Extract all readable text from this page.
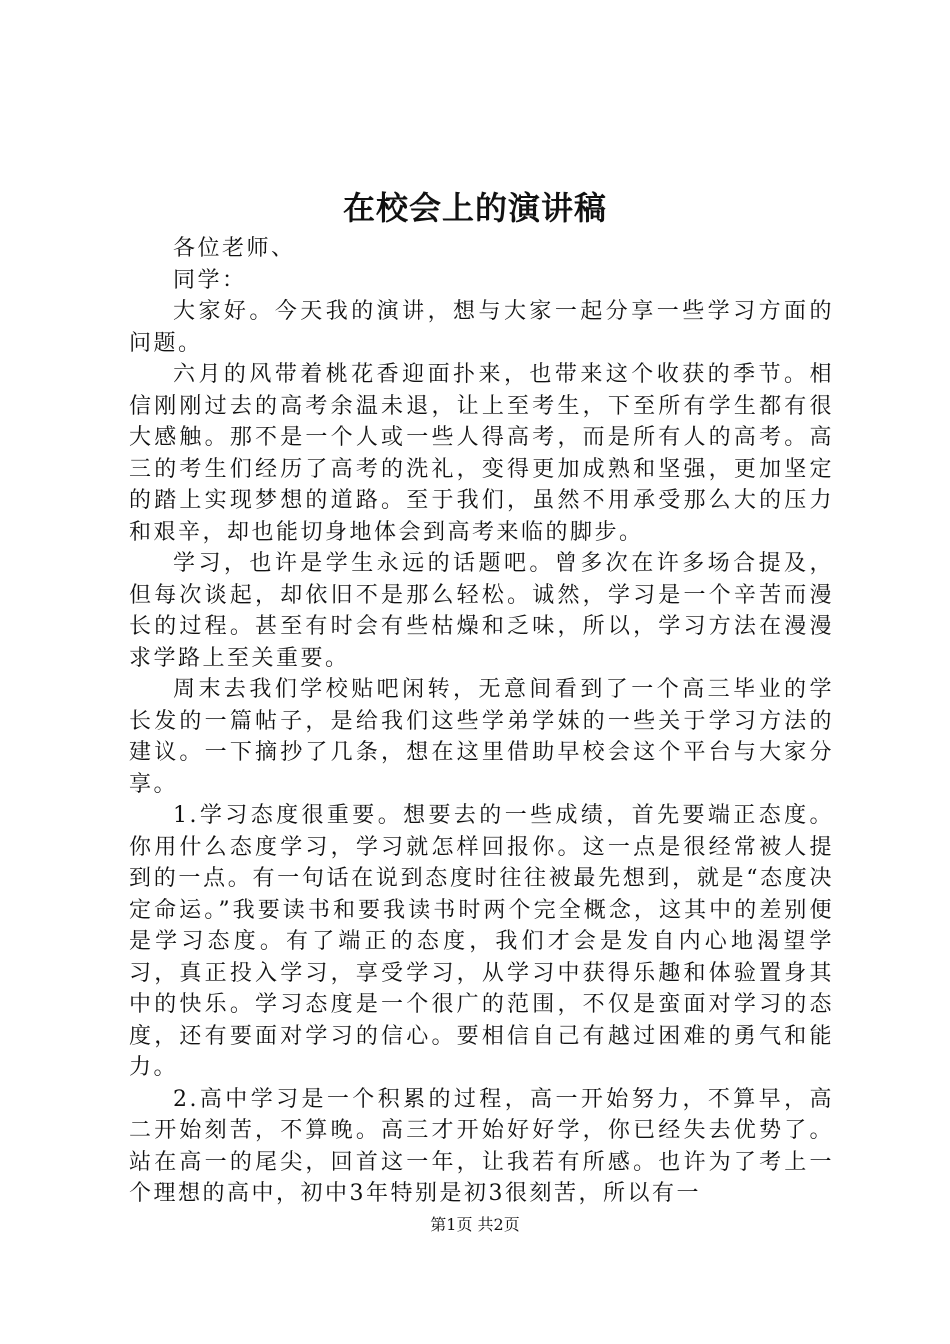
在校会上的演讲稿

各位老师、

同学：

大家好。今天我的演讲，想与大家一起分享一些学习方面的问题。

六月的风带着桃花香迎面扑来，也带来这个收获的季节。相信刚刚过去的高考余温未退，让上至考生，下至所有学生都有很大感触。那不是一个人或一些人得高考，而是所有人的高考。高三的考生们经历了高考的洗礼，变得更加成熟和坚强，更加坚定的踏上实现梦想的道路。至于我们，虽然不用承受那么大的压力和艰辛，却也能切身地体会到高考来临的脚步。

学习，也许是学生永远的话题吧。曾多次在许多场合提及，但每次谈起，却依旧不是那么轻松。诚然，学习是一个辛苦而漫长的过程。甚至有时会有些枯燥和乏味，所以，学习方法在漫漫求学路上至关重要。

周末去我们学校贴吧闲转，无意间看到了一个高三毕业的学长发的一篇帖子，是给我们这些学弟学妹的一些关于学习方法的建议。一下摘抄了几条，想在这里借助早校会这个平台与大家分享。

1.学习态度很重要。想要去的一些成绩，首先要端正态度。你用什么态度学习，学习就怎样回报你。这一点是很经常被人提到的一点。有一句话在说到态度时往往被最先想到，就是“态度决定命运。”我要读书和要我读书时两个完全概念，这其中的差别便是学习态度。有了端正的态度，我们才会是发自内心地渴望学习，真正投入学习，享受学习，从学习中获得乐趣和体验置身其中的快乐。学习态度是一个很广的范围，不仅是蛮面对学习的态度，还有要面对学习的信心。要相信自己有越过困难的勇气和能力。

2.高中学习是一个积累的过程，高一开始努力，不算早，高二开始刻苦，不算晚。高三才开始好好学，你已经失去优势了。站在高一的尾尖，回首这一年，让我若有所感。也许为了考上一个理想的高中，初中3年特别是初3很刻苦，所以有一

第1页 共2页
